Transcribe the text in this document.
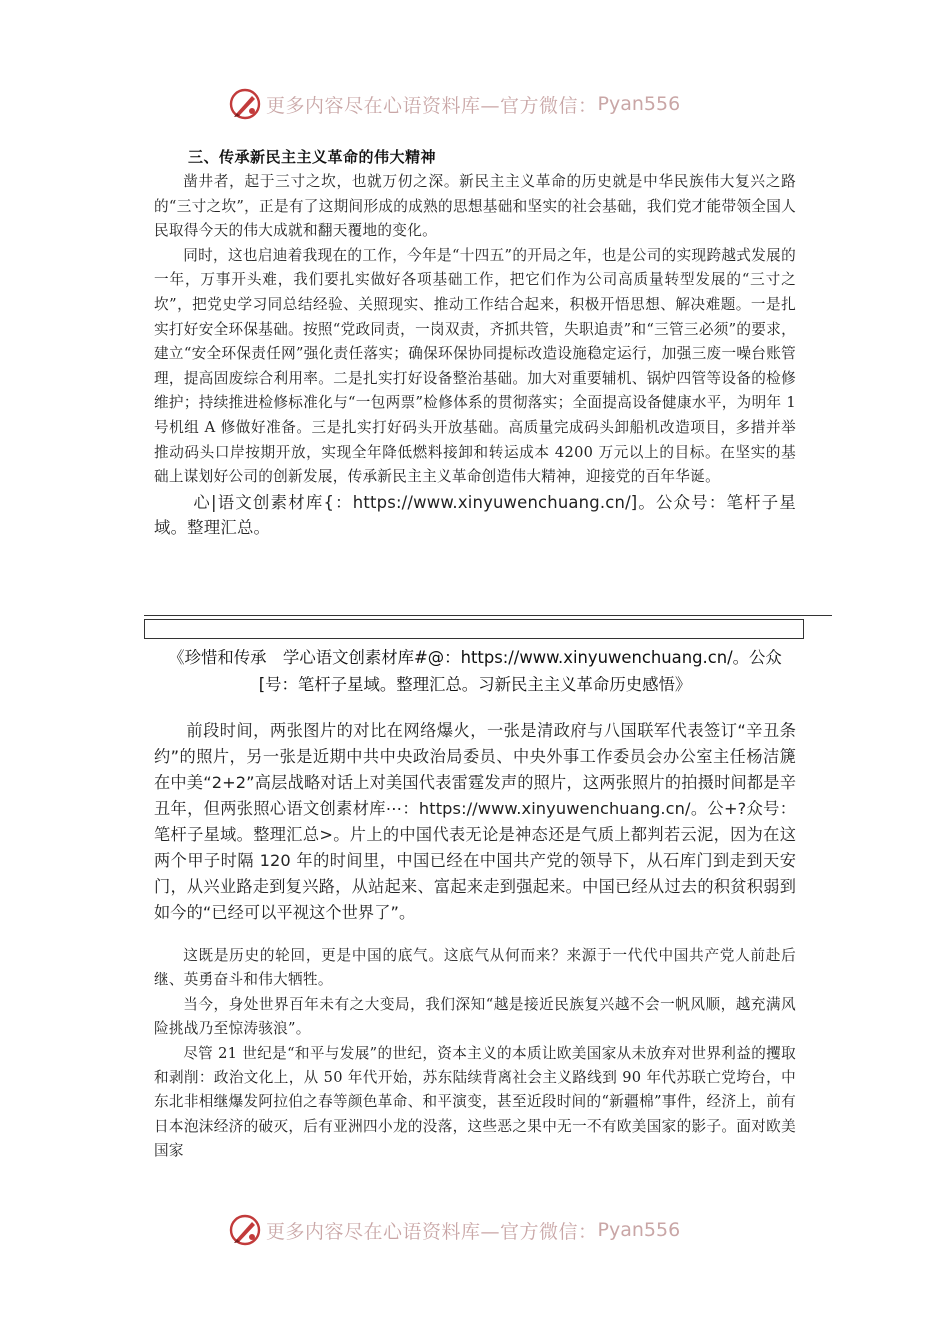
更多内容尽在心语资料库—官方微信： Pyan556
三、传承新民主主义革命的伟大精神

凿井者，起于三寸之坎，也就万仞之深。新民主主义革命的历史就是中华民族伟大复兴之路的“三寸之坎”，正是有了这期间形成的成熟的思想基础和坚实的社会基础，我们党才能带领全国人民取得今天的伟大成就和翻天覆地的变化。

同时，这也启迪着我现在的工作，今年是“十四五”的开局之年，也是公司的实现跨越式发展的一年，万事开头难，我们要扎实做好各项基础工作，把它们作为公司高质量转型发展的“三寸之坎”，把党史学习同总结经验、关照现实、推动工作结合起来，积极开悟思想、解决难题。一是扎实打好安全环保基础。按照“党政同责，一岗双责，齐抓共管，失职追责”和“三管三必须”的要求，建立“安全环保责任网”强化责任落实；确保环保协同提标改造设施稳定运行，加强三废一噪台账管理，提高固废综合利用率。二是扎实打好设备整治基础。加大对重要辅机、锅炉四管等设备的检修维护；持续推进检修标准化与“一包两票”检修体系的贯彻落实；全面提高设备健康水平，为明年 1 号机组 A 修做好准备。三是扎实打好码头开放基础。高质量完成码头卸船机改造项目，多措并举推动码头口岸按期开放，实现全年降低燃料接卸和转运成本 4200 万元以上的目标。在坚实的基础上谋划好公司的创新发展，传承新民主主义革命创造伟大精神，迎接党的百年华诞。

心|语文创素材库{：https://www.xinyuwenchuang.cn/]。公众号：笔杆子星域。整理汇总。

《珍惜和传承　学心语文创素材库#@：https://www.xinyuwenchuang.cn/。公众[号：笔杆子星域。整理汇总。习新民主主义革命历史感悟》

前段时间，两张图片的对比在网络爆火，一张是清政府与八国联军代表签订“辛丑条约”的照片，另一张是近期中共中央政治局委员、中央外事工作委员会办公室主任杨洁篪在中美“2+2”高层战略对话上对美国代表雷霆发声的照片，这两张照片的拍摄时间都是辛丑年，但两张照心语文创素材库⋯：https://www.xinyuwenchuang.cn/。公+?众号：笔杆子星域。整理汇总>。片上的中国代表无论是神态还是气质上都判若云泥，因为在这两个甲子时隔 120 年的时间里，中国已经在中国共产党的领导下，从石库门到走到天安门，从兴业路走到复兴路，从站起来、富起来走到强起来。中国已经从过去的积贫积弱到如今的“已经可以平视这个世界了”。

这既是历史的轮回，更是中国的底气。这底气从何而来？来源于一代代中国共产党人前赴后继、英勇奋斗和伟大牺牲。

当今，身处世界百年未有之大变局，我们深知“越是接近民族复兴越不会一帆风顺，越充满风险挑战乃至惊涛骇浪”。

尽管 21 世纪是“和平与发展”的世纪，资本主义的本质让欧美国家从未放弃对世界利益的攫取和剥削：政治文化上，从 50 年代开始，苏东陆续背离社会主义路线到 90 年代苏联亡党垮台，中东北非相继爆发阿拉伯之春等颜色革命、和平演变，甚至近段时间的“新疆棉”事件，经济上，前有日本泡沫经济的破灭，后有亚洲四小龙的没落，这些恶之果中无一不有欧美国家的影子。面对欧美国家

更多内容尽在心语资料库—官方微信： Pyan556
